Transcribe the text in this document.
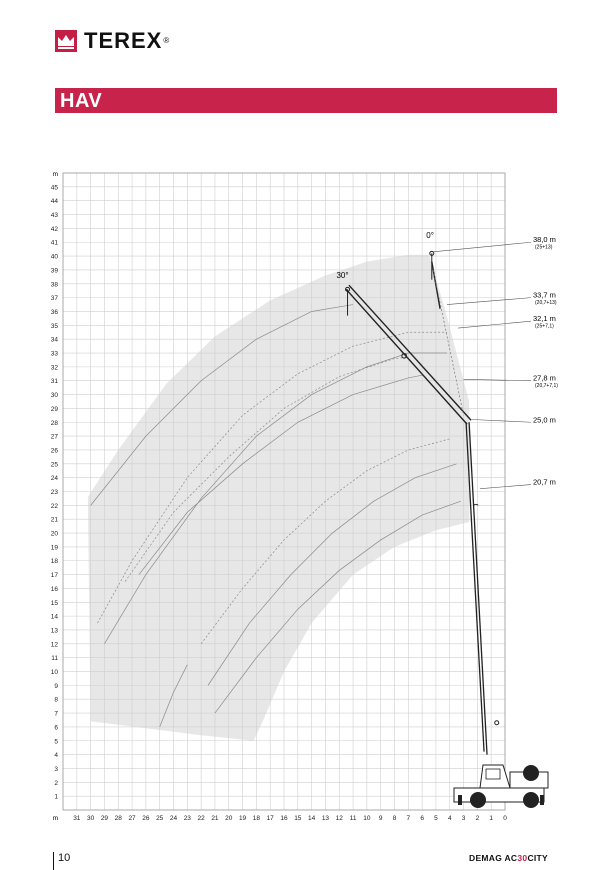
TEREX®
HAV
1
2
3
4
5
6
7
8
9
10
11
12
13
14
15
16
17
18
19
20
21
22
23
24
25
26
27
28
29
30
31
32
33
34
35
36
37
38
39
40
41
42
43
44
45
m
31 30 29 28 27 26 25 24 23 22 21 20 19 18 17 16 15 14 13 12 11 10 9 8 7 6 5 4 3 2 1 0
m
0°
30°
38,0 m
(25+13)
33,7 m
(20,7+13)
32,1 m
(25+7,1)
27,8 m
(20,7+7,1)
25,0 m
20,7 m
10	DEMAG AC30CITY
